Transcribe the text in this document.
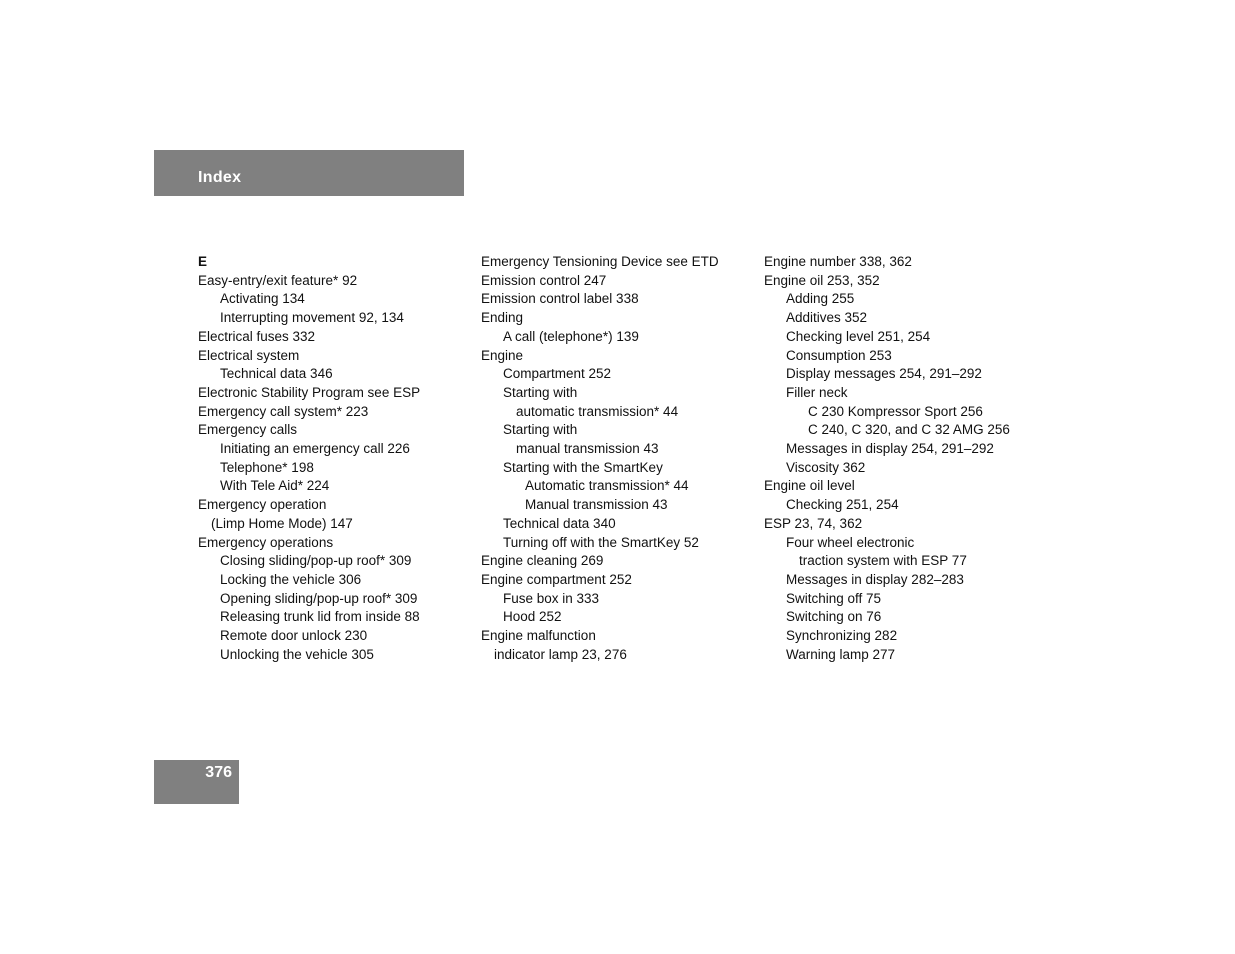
Index
E
Easy-entry/exit feature* 92
Activating 134
Interrupting movement 92, 134
Electrical fuses 332
Electrical system
Technical data 346
Electronic Stability Program see ESP
Emergency call system* 223
Emergency calls
Initiating an emergency call 226
Telephone* 198
With Tele Aid* 224
Emergency operation
(Limp Home Mode) 147
Emergency operations
Closing sliding/pop-up roof* 309
Locking the vehicle 306
Opening sliding/pop-up roof* 309
Releasing trunk lid from inside 88
Remote door unlock 230
Unlocking the vehicle 305
Emergency Tensioning Device see ETD
Emission control 247
Emission control label 338
Ending
A call (telephone*) 139
Engine
Compartment 252
Starting with
automatic transmission* 44
Starting with
manual transmission 43
Starting with the SmartKey
Automatic transmission* 44
Manual transmission 43
Technical data 340
Turning off with the SmartKey 52
Engine cleaning 269
Engine compartment 252
Fuse box in 333
Hood 252
Engine malfunction
indicator lamp 23, 276
Engine number 338, 362
Engine oil 253, 352
Adding 255
Additives 352
Checking level 251, 254
Consumption 253
Display messages 254, 291–292
Filler neck
C 230 Kompressor Sport 256
C 240, C 320, and C 32 AMG 256
Messages in display 254, 291–292
Viscosity 362
Engine oil level
Checking 251, 254
ESP 23, 74, 362
Four wheel electronic
traction system with ESP 77
Messages in display 282–283
Switching off 75
Switching on 76
Synchronizing 282
Warning lamp 277
376
